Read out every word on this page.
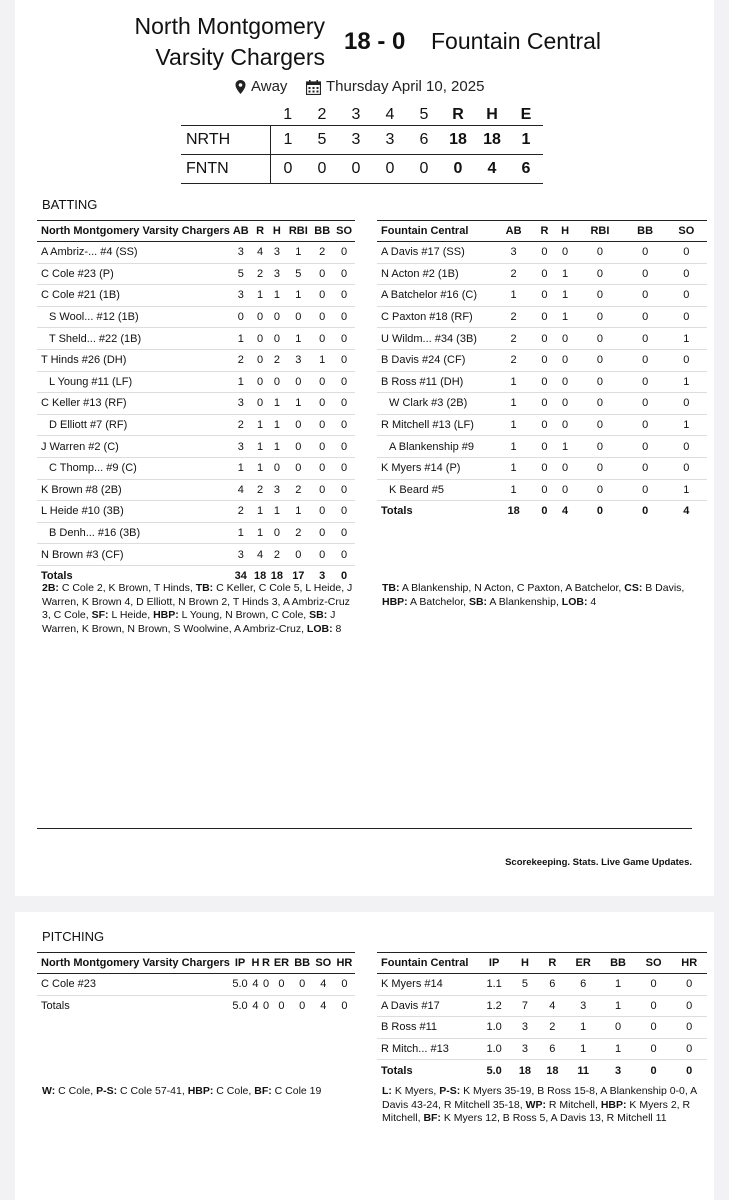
North Montgomery
Varsity Chargers
18 - 0 Fountain Central
Away	Thursday April 10, 2025
	1	2	3	4	5	R	H	E
NRTH	1	5	3	3	6	18	18	1
FNTN	0	0	0	0	0	0	4	6
BATTING
North Montgomery Varsity Chargers	AB	R	H	RBI	BB	SO
A Ambriz-... #4 (SS)	3	4	3	1	2	0
C Cole #23 (P)	5	2	3	5	0	0
C Cole #21 (1B)	3	1	1	1	0	0
S Wool... #12 (1B)	0	0	0	0	0	0
T Sheld... #22 (1B)	1	0	0	1	0	0
T Hinds #26 (DH)	2	0	2	3	1	0
L Young #11 (LF)	1	0	0	0	0	0
C Keller #13 (RF)	3	0	1	1	0	0
D Elliott #7 (RF)	2	1	1	0	0	0
J Warren #2 (C)	3	1	1	0	0	0
C Thomp... #9 (C)	1	1	0	0	0	0
K Brown #8 (2B)	4	2	3	2	0	0
L Heide #10 (3B)	2	1	1	1	0	0
B Denh... #16 (3B)	1	1	0	2	0	0
N Brown #3 (CF)	3	4	2	0	0	0
Totals	34	18	18	17	3	0
Fountain Central	AB	R	H	RBI	BB	SO
A Davis #17 (SS)	3	0	0	0	0	0
N Acton #2 (1B)	2	0	1	0	0	0
A Batchelor #16 (C)	1	0	1	0	0	0
C Paxton #18 (RF)	2	0	1	0	0	0
U Wildm... #34 (3B)	2	0	0	0	0	1
B Davis #24 (CF)	2	0	0	0	0	0
B Ross #11 (DH)	1	0	0	0	0	1
W Clark #3 (2B)	1	0	0	0	0	0
R Mitchell #13 (LF)	1	0	0	0	0	1
A Blankenship #9	1	0	1	0	0	0
K Myers #14 (P)	1	0	0	0	0	0
K Beard #5	1	0	0	0	0	1
Totals	18	0	4	0	0	4
2B: C Cole 2, K Brown, T Hinds, TB: C Keller, C Cole 5, L Heide, J Warren, K Brown 4, D Elliott, N Brown 2, T Hinds 3, A Ambriz-Cruz 3, C Cole, SF: L Heide, HBP: L Young, N Brown, C Cole, SB: J Warren, K Brown, N Brown, S Woolwine, A Ambriz-Cruz, LOB: 8
TB: A Blankenship, N Acton, C Paxton, A Batchelor, CS: B Davis, HBP: A Batchelor, SB: A Blankenship, LOB: 4
Scorekeeping. Stats. Live Game Updates.
PITCHING
North Montgomery Varsity Chargers	IP	H	R	ER	BB	SO	HR
C Cole #23	5.0	4	0	0	0	4	0
Totals	5.0	4	0	0	0	4	0
Fountain Central	IP	H	R	ER	BB	SO	HR
K Myers #14	1.1	5	6	6	1	0	0
A Davis #17	1.2	7	4	3	1	0	0
B Ross #11	1.0	3	2	1	0	0	0
R Mitch... #13	1.0	3	6	1	1	0	0
Totals	5.0	18	18	11	3	0	0
W: C Cole, P-S: C Cole 57-41, HBP: C Cole, BF: C Cole 19	L: K Myers, P-S: K Myers 35-19, B Ross 15-8, A Blankenship 0-0, A Davis 43-24, R Mitchell 35-18, WP: R Mitchell, HBP: K Myers 2, R Mitchell, BF: K Myers 12, B Ross 5, A Davis 13, R Mitchell 11
